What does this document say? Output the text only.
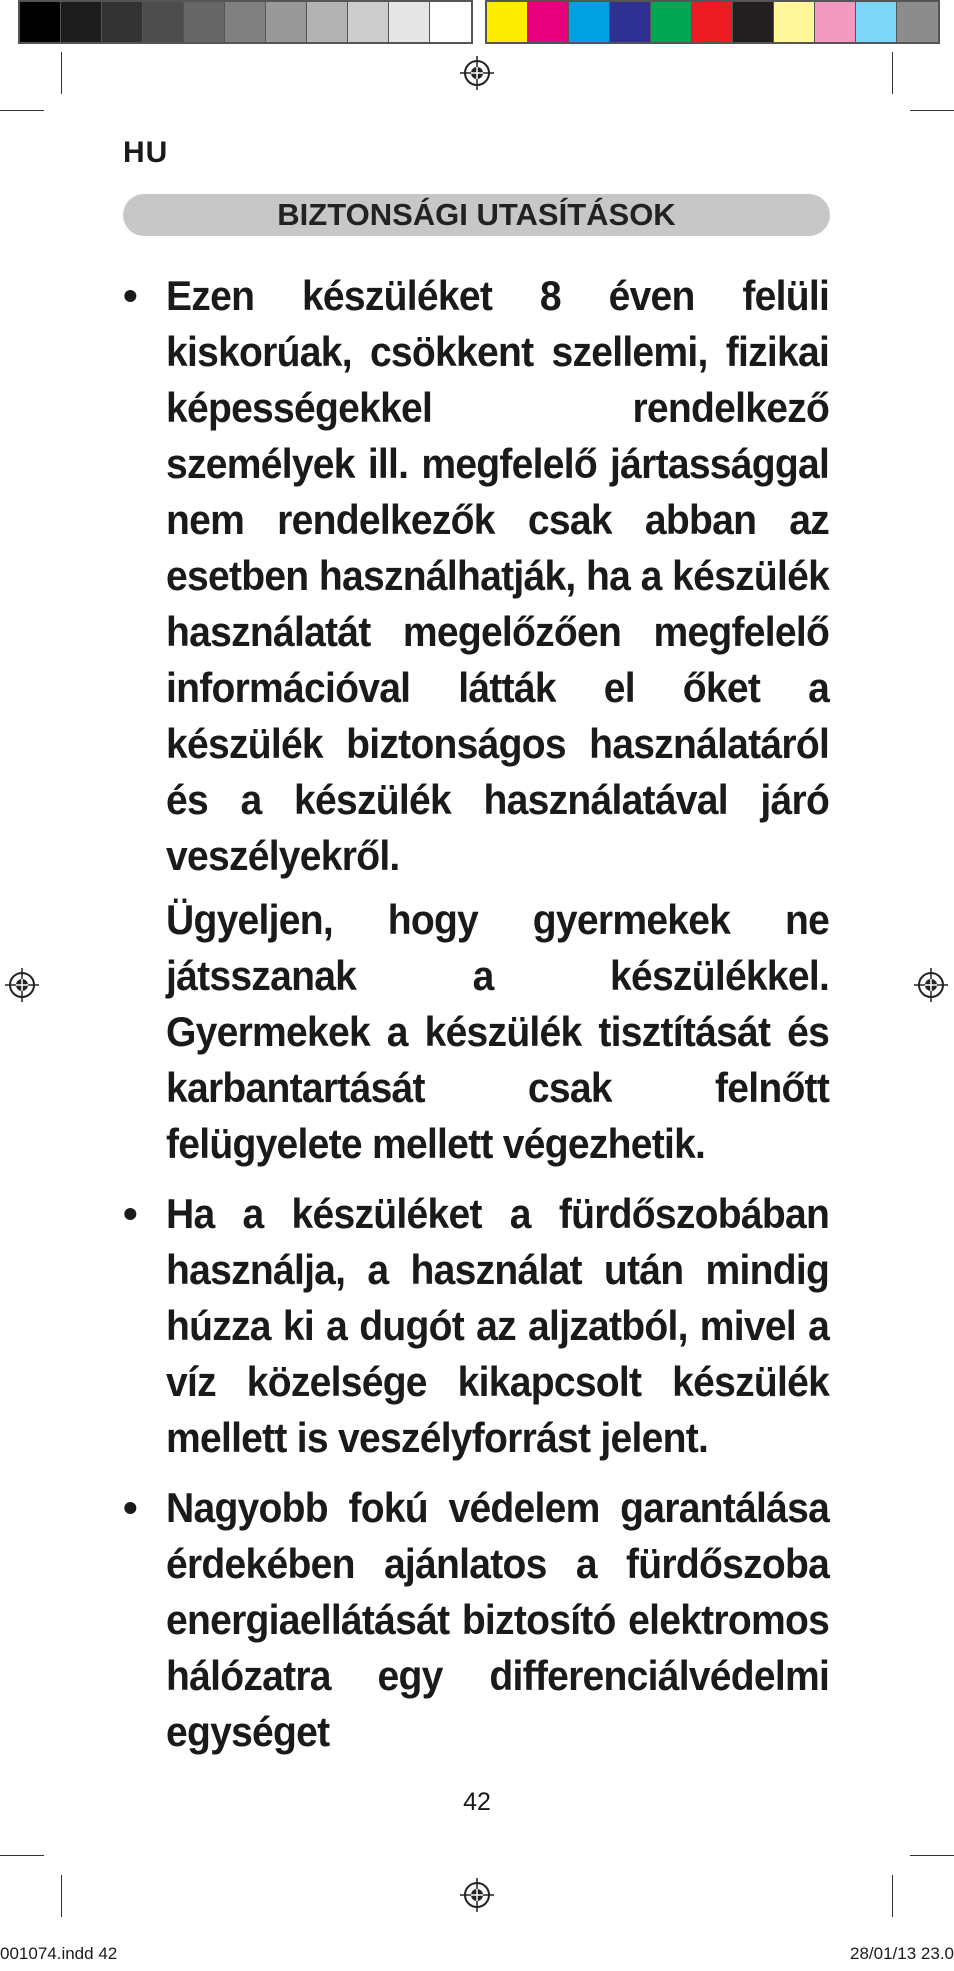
HU
BIZTONSÁGI UTASÍTÁSOK
• Ezen készüléket 8 éven felüli kiskorúak, csökkent szellemi, fizikai képességekkel rendelkező személyek ill. megfelelő jártassággal nem rendelkezők csak abban az esetben használhatják, ha a készülék használatát megelőzően megfelelő információval látták el őket a készülék biztonságos használatáról és a készülék használatával járó veszélyekről.

Ügyeljen, hogy gyermekek ne játsszanak a készülékkel. Gyermekek a készülék tisztítását és karbantartását csak felnőtt felügyelete mellett végezhetik.

• Ha a készüléket a fürdőszobában használja, a használat után mindig húzza ki a dugót az aljzatból, mivel a víz közelsége kikapcsolt készülék mellett is veszélyforrást jelent.

• Nagyobb fokú védelem garantálása érdekében ajánlatos a fürdőszoba energiaellátását biztosító elektromos hálózatra egy differenciálvédelmi egységet

42
001074.indd 42	28/01/13 23.0
